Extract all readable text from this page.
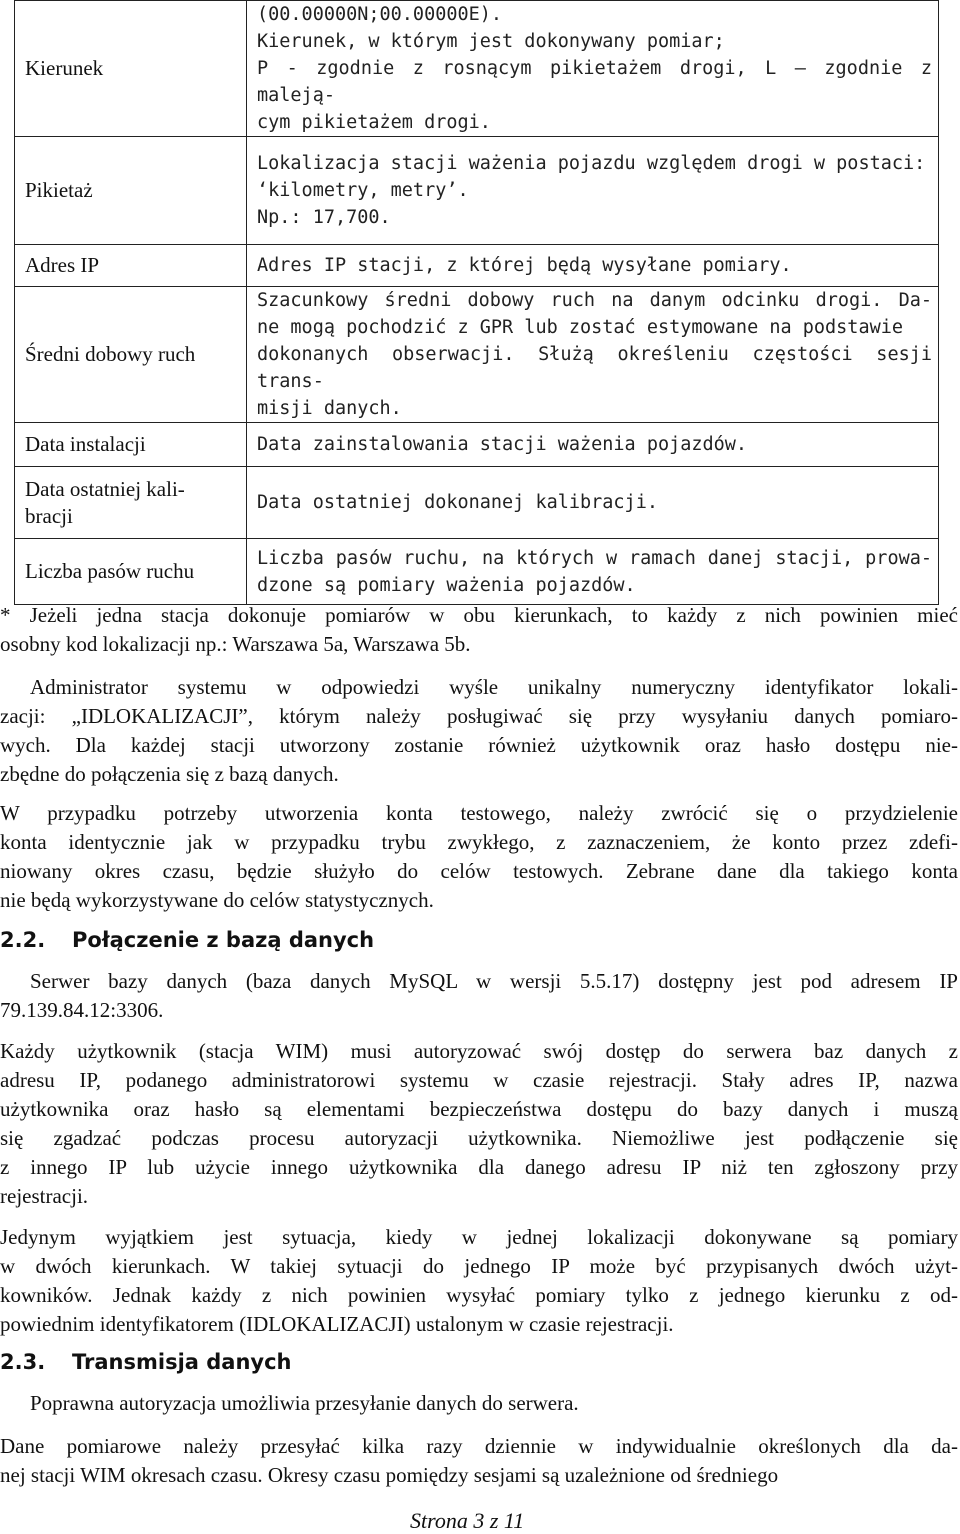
Kierunek	(00.00000N;00.00000E).
Kierunek, w którym jest dokonywany pomiar;
P - zgodnie z rosnącym pikietażem drogi, L – zgodnie z maleją-
cym pikietażem drogi.

Pikietaż	Lokalizacja stacji ważenia pojazdu względem drogi w postaci:
‘kilometry, metry’.
Np.: 17,700.

Adres IP	Adres IP stacji, z której będą wysyłane pomiary.

Średni dobowy ruch	Szacunkowy średni dobowy ruch na danym odcinku drogi. Da-
ne mogą pochodzić z GPR lub zostać estymowane na podstawie
dokonanych obserwacji. Służą określeniu częstości sesji trans-
misji danych.

Data instalacji	Data zainstalowania stacji ważenia pojazdów.

Data ostatniej kali-
bracji	Data ostatniej dokonanej kalibracji.

Liczba pasów ruchu	Liczba pasów ruchu, na których w ramach danej stacji, prowa-
dzone są pomiary ważenia pojazdów.
* Jeżeli jedna stacja dokonuje pomiarów w obu kierunkach, to każdy z nich powinien mieć
osobny kod lokalizacji np.: Warszawa 5a, Warszawa 5b.
Administrator systemu w odpowiedzi wyśle unikalny numeryczny identyfikator lokali-
zacji: „IDLOKALIZACJI”, którym należy posługiwać się przy wysyłaniu danych pomiaro-
wych. Dla każdej stacji utworzony zostanie również użytkownik oraz hasło dostępu nie-
zbędne do połączenia się z bazą danych.
W przypadku potrzeby utworzenia konta testowego, należy zwrócić się o przydzielenie
konta identycznie jak w przypadku trybu zwykłego, z zaznaczeniem, że konto przez zdefi-
niowany okres czasu, będzie służyło do celów testowych. Zebrane dane dla takiego konta
nie będą wykorzystywane do celów statystycznych.
2.2. Połączenie z bazą danych
Serwer bazy danych (baza danych MySQL w wersji 5.5.17) dostępny jest pod adresem IP
79.139.84.12:3306.
Każdy użytkownik (stacja WIM) musi autoryzować swój dostęp do serwera baz danych z
adresu IP, podanego administratorowi systemu w czasie rejestracji. Stały adres IP, nazwa
użytkownika oraz hasło są elementami bezpieczeństwa dostępu do bazy danych i muszą
się zgadzać podczas procesu autoryzacji użytkownika. Niemożliwe jest podłączenie się
z innego IP lub użycie innego użytkownika dla danego adresu IP niż ten zgłoszony przy
rejestracji.
Jedynym wyjątkiem jest sytuacja, kiedy w jednej lokalizacji dokonywane są pomiary
w dwóch kierunkach. W takiej sytuacji do jednego IP może być przypisanych dwóch użyt-
kowników. Jednak każdy z nich powinien wysyłać pomiary tylko z jednego kierunku z od-
powiednim identyfikatorem (IDLOKALIZACJI) ustalonym w czasie rejestracji.
2.3. Transmisja danych
Poprawna autoryzacja umożliwia przesyłanie danych do serwera.
Dane pomiarowe należy przesyłać kilka razy dziennie w indywidualnie określonych dla da-
nej stacji WIM okresach czasu. Okresy czasu pomiędzy sesjami są uzależnione od średniego
Strona 3 z 11
